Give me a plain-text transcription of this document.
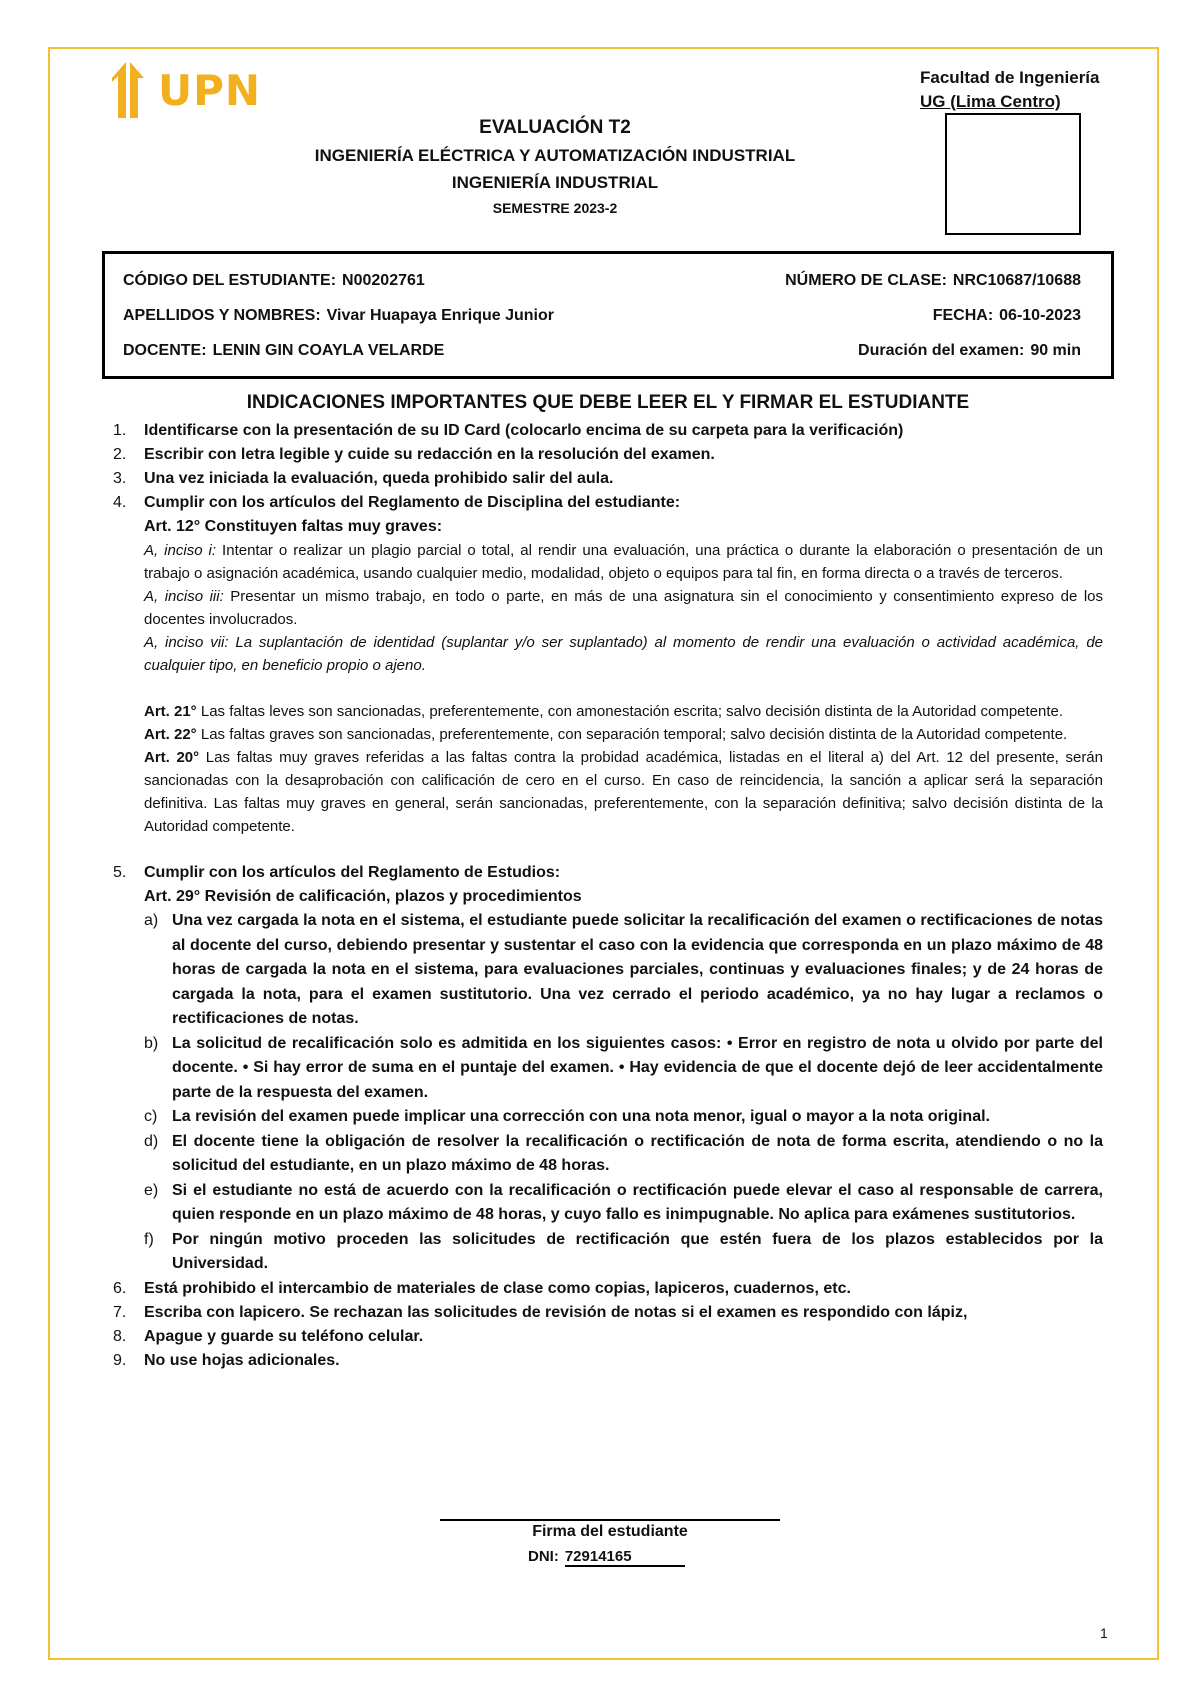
UPN	Facultad de Ingeniería
UG (Lima Centro)
EVALUACIÓN T2
INGENIERÍA ELÉCTRICA Y AUTOMATIZACIÓN INDUSTRIAL
INGENIERÍA INDUSTRIAL
SEMESTRE 2023-2
CÓDIGO DEL ESTUDIANTE: N00202761	NÚMERO DE CLASE: NRC10687/10688
APELLIDOS Y NOMBRES: Vivar Huapaya Enrique Junior	FECHA: 06-10-2023
DOCENTE: LENIN GIN COAYLA VELARDE	Duración del examen: 90 min
INDICACIONES IMPORTANTES QUE DEBE LEER EL Y FIRMAR EL ESTUDIANTE
1. Identificarse con la presentación de su ID Card (colocarlo encima de su carpeta para la verificación)
2. Escribir con letra legible y cuide su redacción en la resolución del examen.
3. Una vez iniciada la evaluación, queda prohibido salir del aula.
4. Cumplir con los artículos del Reglamento de Disciplina del estudiante:
Art. 12° Constituyen faltas muy graves:
A, inciso i: Intentar o realizar un plagio parcial o total, al rendir una evaluación, una práctica o durante la elaboración o presentación de un trabajo o asignación académica, usando cualquier medio, modalidad, objeto o equipos para tal fin, en forma directa o a través de terceros.
A, inciso iii: Presentar un mismo trabajo, en todo o parte, en más de una asignatura sin el conocimiento y consentimiento expreso de los docentes involucrados.
A, inciso vii: La suplantación de identidad (suplantar y/o ser suplantado) al momento de rendir una evaluación o actividad académica, de cualquier tipo, en beneficio propio o ajeno.
Art. 21° Las faltas leves son sancionadas, preferentemente, con amonestación escrita; salvo decisión distinta de la Autoridad competente.
Art. 22° Las faltas graves son sancionadas, preferentemente, con separación temporal; salvo decisión distinta de la Autoridad competente.
Art. 20° Las faltas muy graves referidas a las faltas contra la probidad académica, listadas en el literal a) del Art. 12 del presente, serán sancionadas con la desaprobación con calificación de cero en el curso. En caso de reincidencia, la sanción a aplicar será la separación definitiva. Las faltas muy graves en general, serán sancionadas, preferentemente, con la separación definitiva; salvo decisión distinta de la Autoridad competente.
5. Cumplir con los artículos del Reglamento de Estudios:
Art. 29° Revisión de calificación, plazos y procedimientos
a) Una vez cargada la nota en el sistema, el estudiante puede solicitar la recalificación del examen o rectificaciones de notas al docente del curso, debiendo presentar y sustentar el caso con la evidencia que corresponda en un plazo máximo de 48 horas de cargada la nota en el sistema, para evaluaciones parciales, continuas y evaluaciones finales; y de 24 horas de cargada la nota, para el examen sustitutorio. Una vez cerrado el periodo académico, ya no hay lugar a reclamos o rectificaciones de notas.
b) La solicitud de recalificación solo es admitida en los siguientes casos: • Error en registro de nota u olvido por parte del docente. • Si hay error de suma en el puntaje del examen. • Hay evidencia de que el docente dejó de leer accidentalmente parte de la respuesta del examen.
c) La revisión del examen puede implicar una corrección con una nota menor, igual o mayor a la nota original.
d) El docente tiene la obligación de resolver la recalificación o rectificación de nota de forma escrita, atendiendo o no la solicitud del estudiante, en un plazo máximo de 48 horas.
e) Si el estudiante no está de acuerdo con la recalificación o rectificación puede elevar el caso al responsable de carrera, quien responde en un plazo máximo de 48 horas, y cuyo fallo es inimpugnable. No aplica para exámenes sustitutorios.
f) Por ningún motivo proceden las solicitudes de rectificación que estén fuera de los plazos establecidos por la Universidad.
6. Está prohibido el intercambio de materiales de clase como copias, lapiceros, cuadernos, etc.
7. Escriba con lapicero. Se rechazan las solicitudes de revisión de notas si el examen es respondido con lápiz,
8. Apague y guarde su teléfono celular.
9. No use hojas adicionales.
Firma del estudiante
DNI: 72914165
1
